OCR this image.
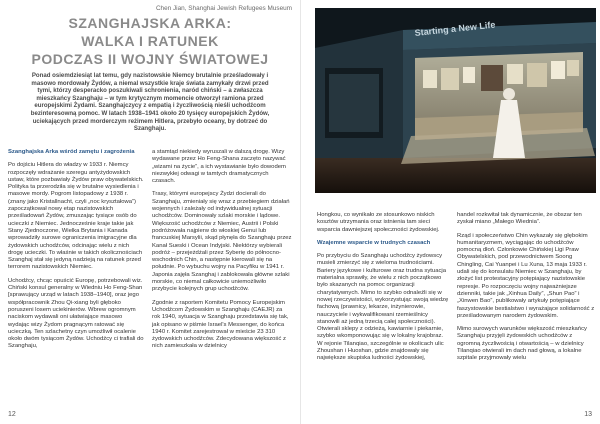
Chen Jian, Shanghai Jewish Refugees Museum
SZANGHAJSKA ARKA:
WALKA I RATUNEK
PODCZAS II WOJNY ŚWIATOWEJ
Ponad osiemdziesiąt lat temu, gdy nazistowskie Niemcy brutalnie prześladowały i masowo mordowały Żydów, a niemal wszystkie kraje świata zamykały drzwi przed tymi, którzy desperacko poszukiwali schronienia, naród chiński – a zwłaszcza mieszkańcy Szanghaju – w tym krytycznym momencie otworzył ramiona przed europejskimi Żydami. Szanghajczycy z empatią i życzliwością nieśli uchodźcom bezinteresowną pomoc. W latach 1938–1941 około 20 tysięcy europejskich Żydów, uciekających przed morderczym reżimem Hitlera, przebyło oceany, by dotrzeć do Szanghaju.

Szanghajska Arka wśród zamętu i zagrożenia

Po dojściu Hitlera do władzy w 1933 r. Niemcy rozpoczęły wdrażanie szeregu antyżydowskich ustaw, które pozbawiały Żydów praw obywatelskich. Polityka ta przerodziła się w brutalne wysiedlenia i masowe mordy. Pogrom listopadowy z 1938 r. (znany jako Kristallnacht, czyli „noc kryształowa”) zapoczątkował nowy etap nazistowskich prześladowań Żydów, zmuszając tysiące osób do ucieczki z Niemiec. Jednocześnie kraje takie jak Stany Zjednoczone, Wielka Brytania i Kanada wprowadziły surowe ograniczenia imigracyjne dla żydowskich uchodźców, odcinając wielu z nich drogę ucieczki. To właśnie w takich okolicznościach Szanghaj stał się jedyną nadzieją na ratunek przed terrorem nazistowskich Niemiec.

Uchodźcy, chcąc opuścić Europę, potrzebowali wiz. Chiński konsul generalny w Wiedniu Ho Feng-Shan [sprawujący urząd w latach 1938–1940], oraz jego współpracownik Zhou Qi-xiang byli głęboko poruszeni losem uciekinierów. Wbrew ogromnym naciskom wydawali oni ułatwiające masowo wydając wizy Żydom pragnącym ratować się ucieczką. Ten szlachetny czyn umożliwił ocalenie około dwóm tysiącom Żydów. Uchodźcy ci trafiali do Szanghaju,

a stamtąd niekiedy wyruszali w dalszą drogę. Wizy wydawane przez Ho Feng-Shana zaczęto nazywać „wizami na życie”, a ich wystawianie było dowodem niezwykłej odwagi w tamtych dramatycznych czasach.

Trasy, którymi europejscy Żydzi docierali do Szanghaju, zmieniały się wraz z przebiegiem działań wojennych i zależały od indywidualnej sytuacji uchodźców. Dominowały szlaki morskie i lądowe. Większość uchodźców z Niemiec, Austrii i Polski podróżowała najpierw do włoskiej Genui lub francuskiej Marsylii, skąd płynęła do Szanghaju przez Kanał Sueski i Ocean Indyjski. Niektórzy wybierali podróż – przejeżdżali przez Syberię do północno-wschodnich Chin, a następnie kierowali się na południe. Po wybuchu wojny na Pacyfiku w 1941 r. Japonia zajęła Szanghaj i zablokowała główne szlaki morskie, co niemal całkowicie uniemożliwiło przybycie kolejnych grup uchodźców.

Zgodnie z raportem Komitetu Pomocy Europejskim Uchodźcom Żydowskim w Szanghaju (CAEJR) za rok 1940, sytuacja w Szanghaju przedstawia się tak, jak opisano w piśmie Israel's Messenger, do końca 1940 r. Komitet zarejestrował w mieście 23 310 żydowskich uchodźców. Zdecydowana większość z nich zamieszkała w dzielnicy

12
Starting a New Life

Hongkou, co wynikało ze stosunkowo niskich kosztów utrzymania oraz istnienia tam sieci wsparcia dawniejszej społeczności żydowskiej.

Wzajemne wsparcie w trudnych czasach

Po przybyciu do Szanghaju uchodźcy żydowscy musieli zmierzyć się z wieloma trudnościami. Bariery językowe i kulturowe oraz trudna sytuacja materialna sprawiły, że wielu z nich początkowo było skazanych na pomoc organizacji charytatywnych. Mimo to szybko odnaleźli się w nowej rzeczywistości, wykorzystując swoją wiedzę fachową (prawnicy, lekarze, inżynierowie, nauczyciele i wykwalifikowani rzemieślnicy stanowili aż jedną trzecią całej społeczności). Otwierali sklepy z odzieżą, kawiarnie i piekarnie, szybko wkomponowując się w lokalny krajobraz. W rejonie Tilanqiao, szczególnie w okolicach ulic Zhoushan i Huoshan, gdzie znajdowały się największe skupiska ludności żydowskiej,

handel rozkwitał tak dynamicznie, że obszar ten zyskał miano „Małego Wiednia”.

Rząd i społeczeństwo Chin wykazały się głębokim humanitaryzmem, wyciągając do uchodźców pomocną dłoń. Członkowie Chińskiej Ligi Praw Obywatelskich, pod przewodnictwem Soong Chingling, Cai Yuanpei i Lu Xuna, 13 maja 1933 r. udali się do konsulatu Niemiec w Szanghaju, by złożyć list protestacyjny potępiający nazistowskie represje. Po rozpoczęciu wojny najważniejsze dzienniki, takie jak „Xinhua Daily”, „Shun Pao” i „Xinwen Bao”, publikowały artykuły potępiające faszystowskie bestialstwo i wyrażające solidarność z prześladowanym narodem żydowskim.

Mimo surowych warunków większość mieszkańcy Szanghaju przyjęli żydowskich uchodźców z ogromną życzliwością i otwartością – w dzielnicy Tilanqiao otwierali im dach nad głową, a lokalne szpitale przyjmowały wielu

13
